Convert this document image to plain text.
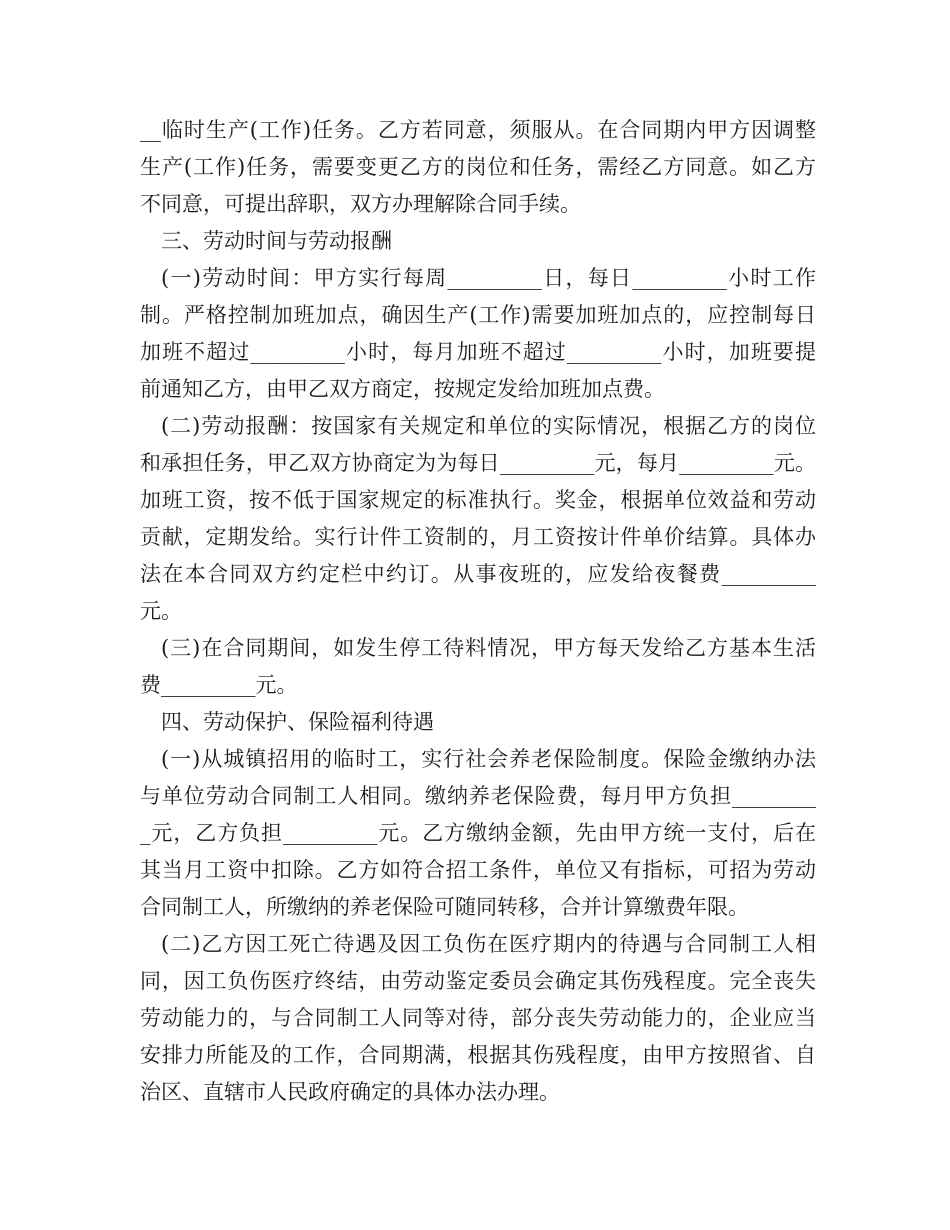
__临时生产(工作)任务。乙方若同意，须服从。在合同期内甲方因调整
生产(工作)任务，需要变更乙方的岗位和任务，需经乙方同意。如乙方
不同意，可提出辞职，双方办理解除合同手续。
三、劳动时间与劳动报酬
(一)劳动时间：甲方实行每周_________日，每日_________小时工作
制。严格控制加班加点，确因生产(工作)需要加班加点的，应控制每日
加班不超过_________小时，每月加班不超过_________小时，加班要提
前通知乙方，由甲乙双方商定，按规定发给加班加点费。
(二)劳动报酬：按国家有关规定和单位的实际情况，根据乙方的岗位
和承担任务，甲乙双方协商定为为每日_________元，每月_________元。
加班工资，按不低于国家规定的标准执行。奖金，根据单位效益和劳动
贡献，定期发给。实行计件工资制的，月工资按计件单价结算。具体办
法在本合同双方约定栏中约订。从事夜班的，应发给夜餐费_________
元。
(三)在合同期间，如发生停工待料情况，甲方每天发给乙方基本生活
费_________元。
四、劳动保护、保险福利待遇
(一)从城镇招用的临时工，实行社会养老保险制度。保险金缴纳办法
与单位劳动合同制工人相同。缴纳养老保险费，每月甲方负担________
_元，乙方负担_________元。乙方缴纳金额，先由甲方统一支付，后在
其当月工资中扣除。乙方如符合招工条件，单位又有指标，可招为劳动
合同制工人，所缴纳的养老保险可随同转移，合并计算缴费年限。
(二)乙方因工死亡待遇及因工负伤在医疗期内的待遇与合同制工人相
同，因工负伤医疗终结，由劳动鉴定委员会确定其伤残程度。完全丧失
劳动能力的，与合同制工人同等对待，部分丧失劳动能力的，企业应当
安排力所能及的工作，合同期满，根据其伤残程度，由甲方按照省、自
治区、直辖市人民政府确定的具体办法办理。
